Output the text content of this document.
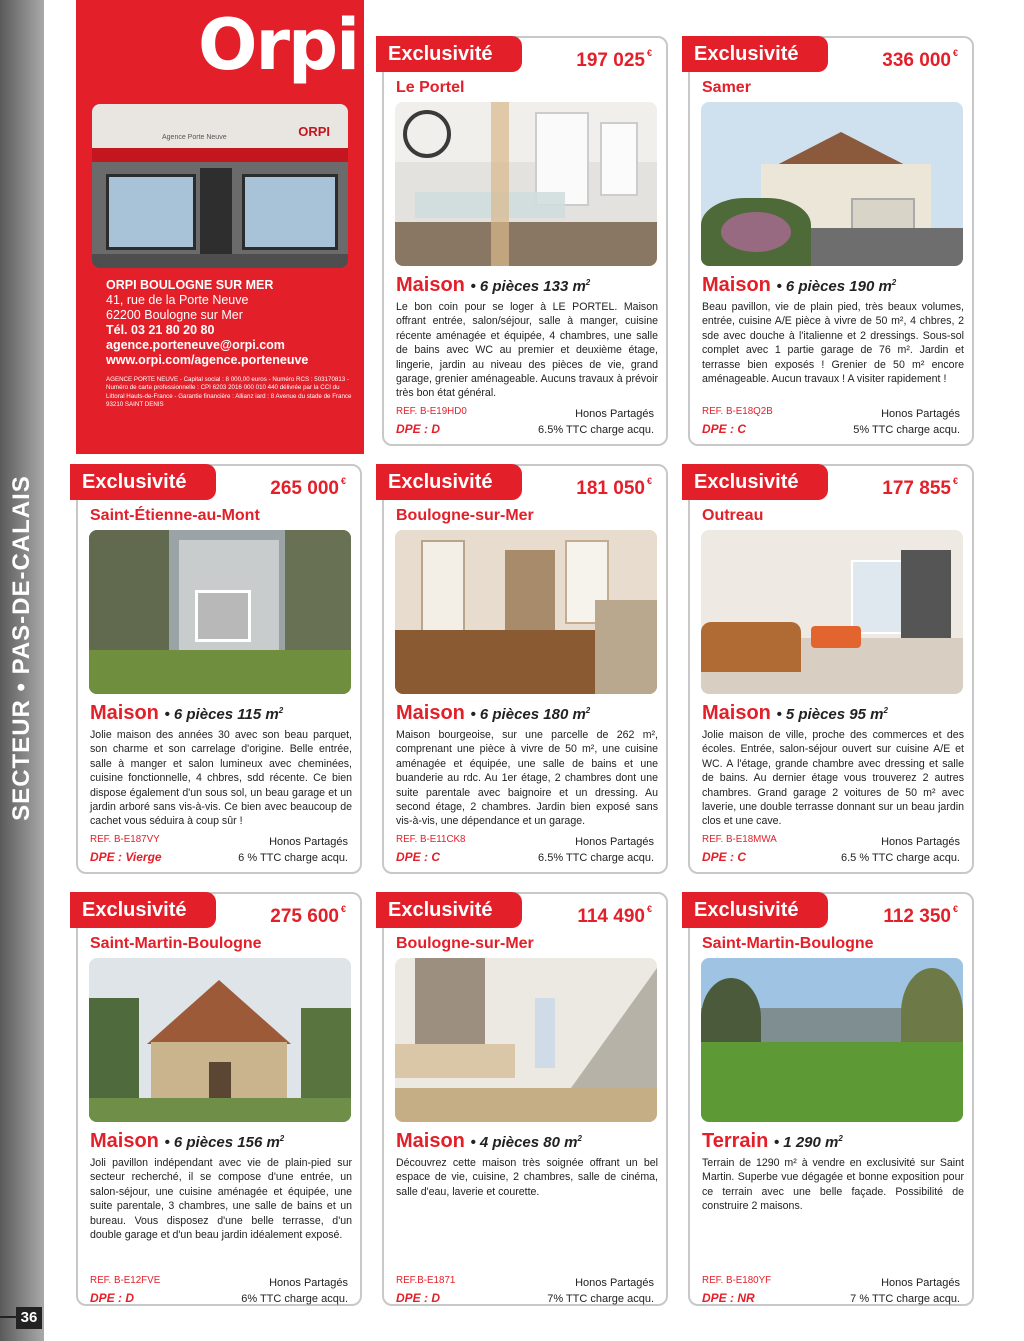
SECTEUR • PAS-DE-CALAIS
36
Orpi
Agence Porte Neuve	ORPI
ORPI BOULOGNE SUR MER
41, rue de la Porte Neuve
62200 Boulogne sur Mer
Tél. 03 21 80 20 80
agence.porteneuve@orpi.com
www.orpi.com/agence.porteneuve
AGENCE PORTE NEUVE - Capital social : 8 000,00 euros - Numéro RCS : 503170813 - Numéro de carte professionnelle : CPI 6203 2016 000 010 440 délivrée par la CCI du Littoral Hauts-de-France - Garantie financière : Allianz iard : 8 Avenue du stade de France 93210 SAINT DENIS
Exclusivité	197 025 €
Le Portel
Maison • 6 pièces 133 $m^2$
Le bon coin pour se loger à LE PORTEL. Maison offrant entrée, salon/séjour, salle à manger, cuisine récente aménagée et équipée, 4 chambres, une salle de bains avec WC au premier et deuxième étage, lingerie, jardin au niveau des pièces de vie, grand garage, grenier aménageable. Aucuns travaux à prévoir très bon état général.
REF. B-E19HD0
DPE : D
Honos Partagés
6.5% TTC charge acqu.
Exclusivité	336 000 €
Samer
Maison • 6 pièces 190 $m^2$
Beau pavillon, vie de plain pied, très beaux volumes, entrée, cuisine A/E pièce à vivre de 50 m², 4 chbres, 2 sde avec douche à l'italienne et 2 dressings. Sous-sol complet avec 1 partie garage de 76 m². Jardin et terrasse bien exposés ! Grenier de 50 m² encore aménageable. Aucun travaux ! A visiter rapidement !
REF. B-E18Q2B
DPE : C
Honos Partagés
5% TTC charge acqu.
Exclusivité	265 000 €
Saint-Étienne-au-Mont
Maison • 6 pièces 115 $m^2$
Jolie maison des années 30 avec son beau parquet, son charme et son carrelage d'origine. Belle entrée, salle à manger et salon lumineux avec cheminées, cuisine fonctionnelle, 4 chbres, sdd récente. Ce bien dispose également d'un sous sol, un beau garage et un jardin arboré sans vis-à-vis. Ce bien avec beaucoup de cachet vous séduira à coup sûr !
REF. B-E187VY
DPE : Vierge
Honos Partagés
6 % TTC charge acqu.
Exclusivité	181 050 €
Boulogne-sur-Mer
Maison • 6 pièces 180 $m^2$
Maison bourgeoise, sur une parcelle de 262 m², comprenant une pièce à vivre de 50 m², une cuisine aménagée et équipée, une salle de bains et une buanderie au rdc. Au 1er étage, 2 chambres dont une suite parentale avec baignoire et un dressing. Au second étage, 2 chambres. Jardin bien exposé sans vis-à-vis, une dépendance et un garage.
REF. B-E11CK8
DPE : C
Honos Partagés
6.5% TTC charge acqu.
Exclusivité	177 855 €
Outreau
Maison • 5 pièces 95 $m^2$
Jolie maison de ville, proche des commerces et des écoles. Entrée, salon-séjour ouvert sur cuisine A/E et WC. A l'étage, grande chambre avec dressing et salle de bains. Au dernier étage vous trouverez 2 autres chambres. Grand garage 2 voitures de 50 m² avec laverie, une double terrasse donnant sur un beau jardin clos et une cave.
REF. B-E18MWA
DPE : C
Honos Partagés
6.5 % TTC charge acqu.
Exclusivité	275 600 €
Saint-Martin-Boulogne
Maison • 6 pièces 156 $m^2$
Joli pavillon indépendant avec vie de plain-pied sur secteur recherché, il se compose d'une entrée, un salon-séjour, une cuisine aménagée et équipée, une suite parentale, 3 chambres, une salle de bains et un bureau. Vous disposez d'une belle terrasse, d'un double garage et d'un beau jardin idéalement exposé.
REF. B-E12FVE
DPE : D
Honos Partagés
6% TTC charge acqu.
Exclusivité	114 490 €
Boulogne-sur-Mer
Maison • 4 pièces 80 $m^2$
Découvrez cette maison très soignée offrant un bel espace de vie, cuisine, 2 chambres, salle de cinéma, salle d'eau, laverie et courette.
REF.B-E1871
DPE : D
Honos Partagés
7% TTC charge acqu.
Exclusivité	112 350 €
Saint-Martin-Boulogne
Terrain • 1 290 $m^2$
Terrain de 1290 m² à vendre en exclusivité sur Saint Martin. Superbe vue dégagée et bonne exposition pour ce terrain avec une belle façade. Possibilité de construire 2 maisons.
REF. B-E180YF
DPE : NR
Honos Partagés
7 % TTC charge acqu.
